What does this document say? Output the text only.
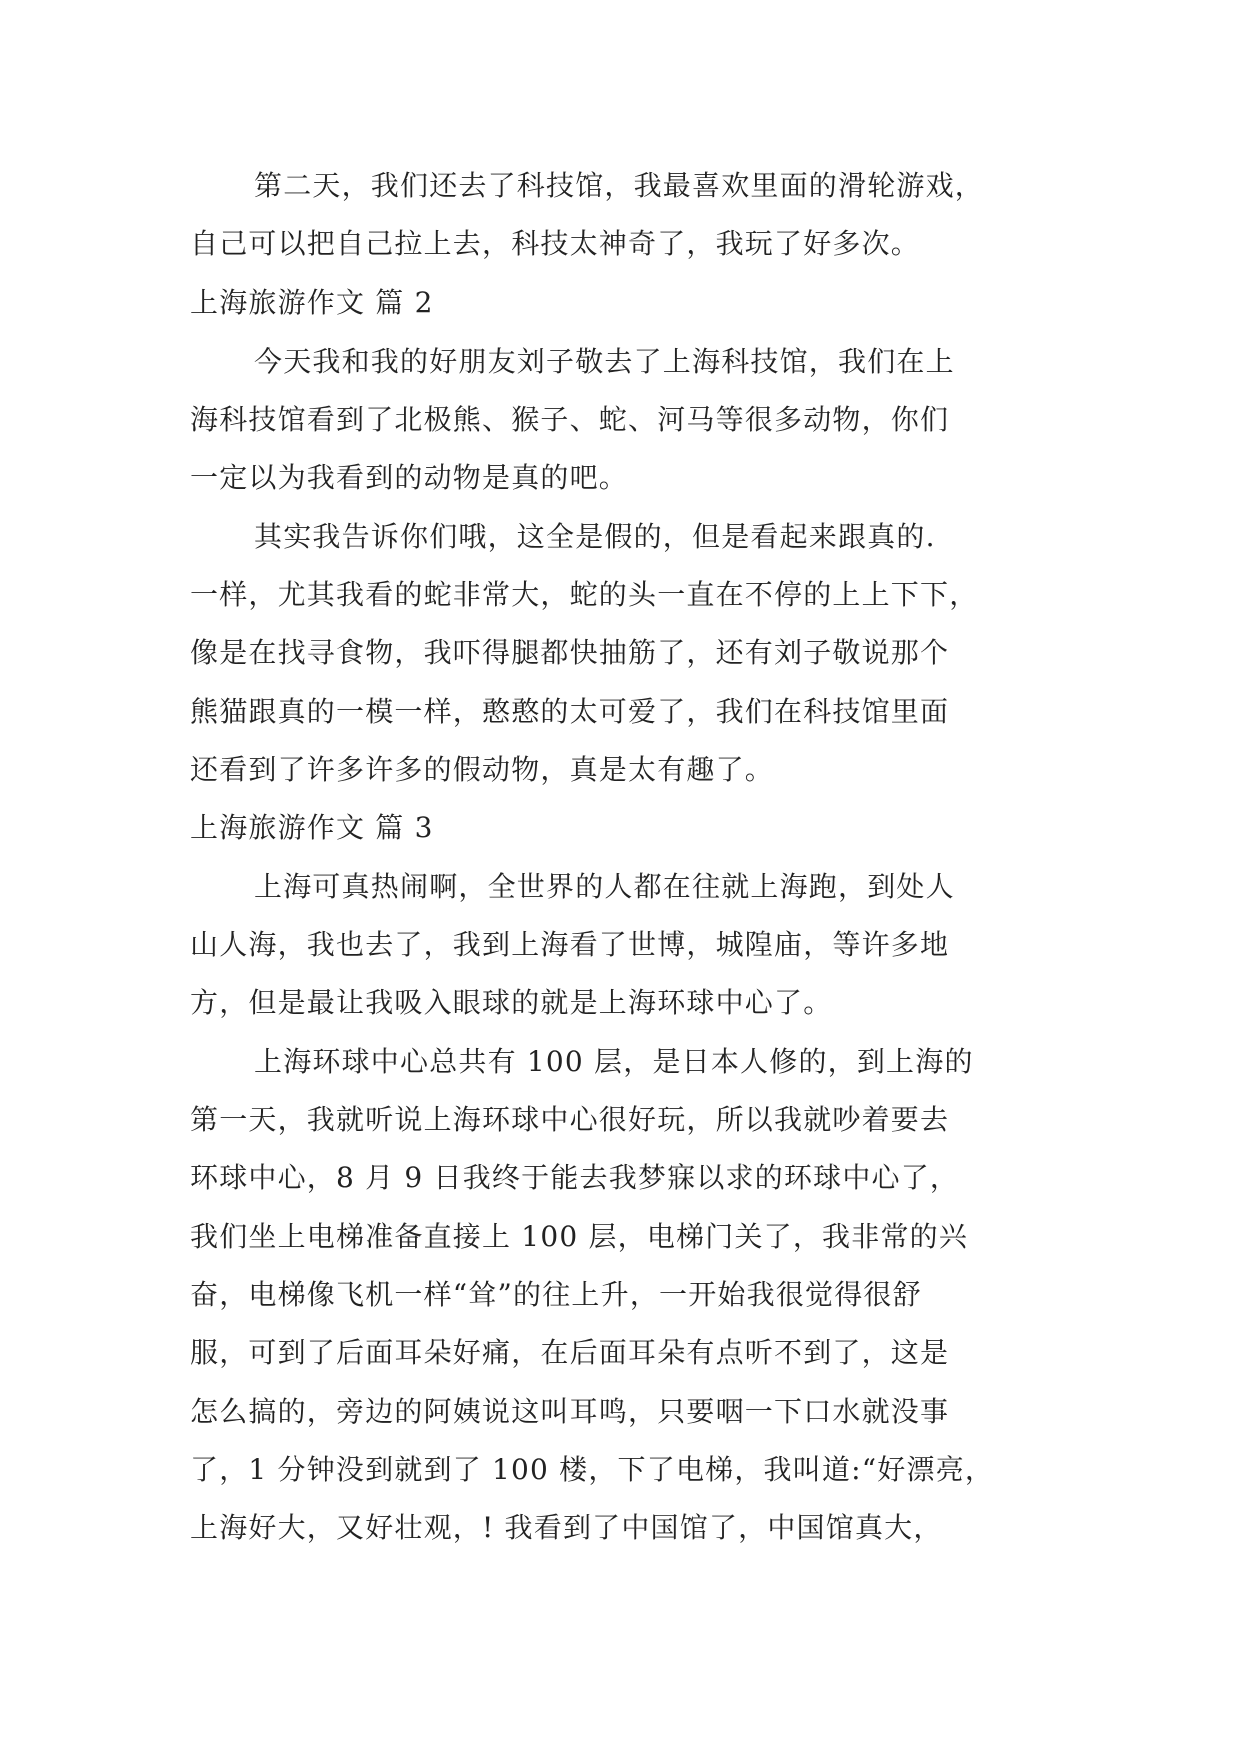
第二天，我们还去了科技馆，我最喜欢里面的滑轮游戏，
自己可以把自己拉上去，科技太神奇了，我玩了好多次。
上海旅游作文 篇 2
今天我和我的好朋友刘子敬去了上海科技馆，我们在上
海科技馆看到了北极熊、猴子、蛇、河马等很多动物，你们
一定以为我看到的动物是真的吧。
其实我告诉你们哦，这全是假的，但是看起来跟真的.
一样，尤其我看的蛇非常大，蛇的头一直在不停的上上下下，
像是在找寻食物，我吓得腿都快抽筋了，还有刘子敬说那个
熊猫跟真的一模一样，憨憨的太可爱了，我们在科技馆里面
还看到了许多许多的假动物，真是太有趣了。
上海旅游作文 篇 3
上海可真热闹啊，全世界的人都在往就上海跑，到处人
山人海，我也去了，我到上海看了世博，城隍庙，等许多地
方，但是最让我吸入眼球的就是上海环球中心了。
上海环球中心总共有 100 层，是日本人修的，到上海的
第一天，我就听说上海环球中心很好玩，所以我就吵着要去
环球中心，8 月 9 日我终于能去我梦寐以求的环球中心了，
我们坐上电梯准备直接上 100 层，电梯门关了，我非常的兴
奋，电梯像飞机一样“耸”的往上升，一开始我很觉得很舒
服，可到了后面耳朵好痛，在后面耳朵有点听不到了，这是
怎么搞的，旁边的阿姨说这叫耳鸣，只要咽一下口水就没事
了，1 分钟没到就到了 100 楼，下了电梯，我叫道:“好漂亮，
上海好大，又好壮观，! 我看到了中国馆了，中国馆真大，
